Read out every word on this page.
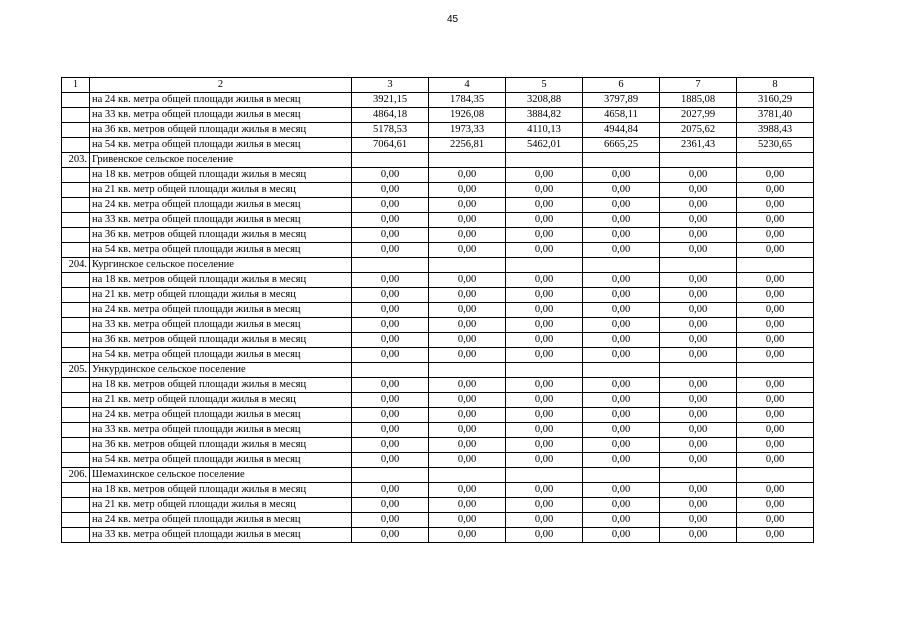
45
1	2	3	4	5	6	7	8
	на 24 кв. метра общей площади жилья в месяц	3921,15	1784,35	3208,88	3797,89	1885,08	3160,29
	на 33 кв. метра общей площади жилья в месяц	4864,18	1926,08	3884,82	4658,11	2027,99	3781,40
	на 36 кв. метров общей площади жилья в месяц	5178,53	1973,33	4110,13	4944,84	2075,62	3988,43
	на 54 кв. метра общей площади жилья в месяц	7064,61	2256,81	5462,01	6665,25	2361,43	5230,65
203.	Гривенское сельское поселение						
	на 18 кв. метров общей площади жилья в месяц	0,00	0,00	0,00	0,00	0,00	0,00
	на 21 кв. метр общей площади жилья в месяц	0,00	0,00	0,00	0,00	0,00	0,00
	на 24 кв. метра общей площади жилья в месяц	0,00	0,00	0,00	0,00	0,00	0,00
	на 33 кв. метра общей площади жилья в месяц	0,00	0,00	0,00	0,00	0,00	0,00
	на 36 кв. метров общей площади жилья в месяц	0,00	0,00	0,00	0,00	0,00	0,00
	на 54 кв. метра общей площади жилья в месяц	0,00	0,00	0,00	0,00	0,00	0,00
204.	Кургинское сельское поселение						
	на 18 кв. метров общей площади жилья в месяц	0,00	0,00	0,00	0,00	0,00	0,00
	на 21 кв. метр общей площади жилья в месяц	0,00	0,00	0,00	0,00	0,00	0,00
	на 24 кв. метра общей площади жилья в месяц	0,00	0,00	0,00	0,00	0,00	0,00
	на 33 кв. метра общей площади жилья в месяц	0,00	0,00	0,00	0,00	0,00	0,00
	на 36 кв. метров общей площади жилья в месяц	0,00	0,00	0,00	0,00	0,00	0,00
	на 54 кв. метра общей площади жилья в месяц	0,00	0,00	0,00	0,00	0,00	0,00
205.	Ункурдинское сельское поселение						
	на 18 кв. метров общей площади жилья в месяц	0,00	0,00	0,00	0,00	0,00	0,00
	на 21 кв. метр общей площади жилья в месяц	0,00	0,00	0,00	0,00	0,00	0,00
	на 24 кв. метра общей площади жилья в месяц	0,00	0,00	0,00	0,00	0,00	0,00
	на 33 кв. метра общей площади жилья в месяц	0,00	0,00	0,00	0,00	0,00	0,00
	на 36 кв. метров общей площади жилья в месяц	0,00	0,00	0,00	0,00	0,00	0,00
	на 54 кв. метра общей площади жилья в месяц	0,00	0,00	0,00	0,00	0,00	0,00
206.	Шемахинское сельское поселение						
	на 18 кв. метров общей площади жилья в месяц	0,00	0,00	0,00	0,00	0,00	0,00
	на 21 кв. метр общей площади жилья в месяц	0,00	0,00	0,00	0,00	0,00	0,00
	на 24 кв. метра общей площади жилья в месяц	0,00	0,00	0,00	0,00	0,00	0,00
	на 33 кв. метра общей площади жилья в месяц	0,00	0,00	0,00	0,00	0,00	0,00
